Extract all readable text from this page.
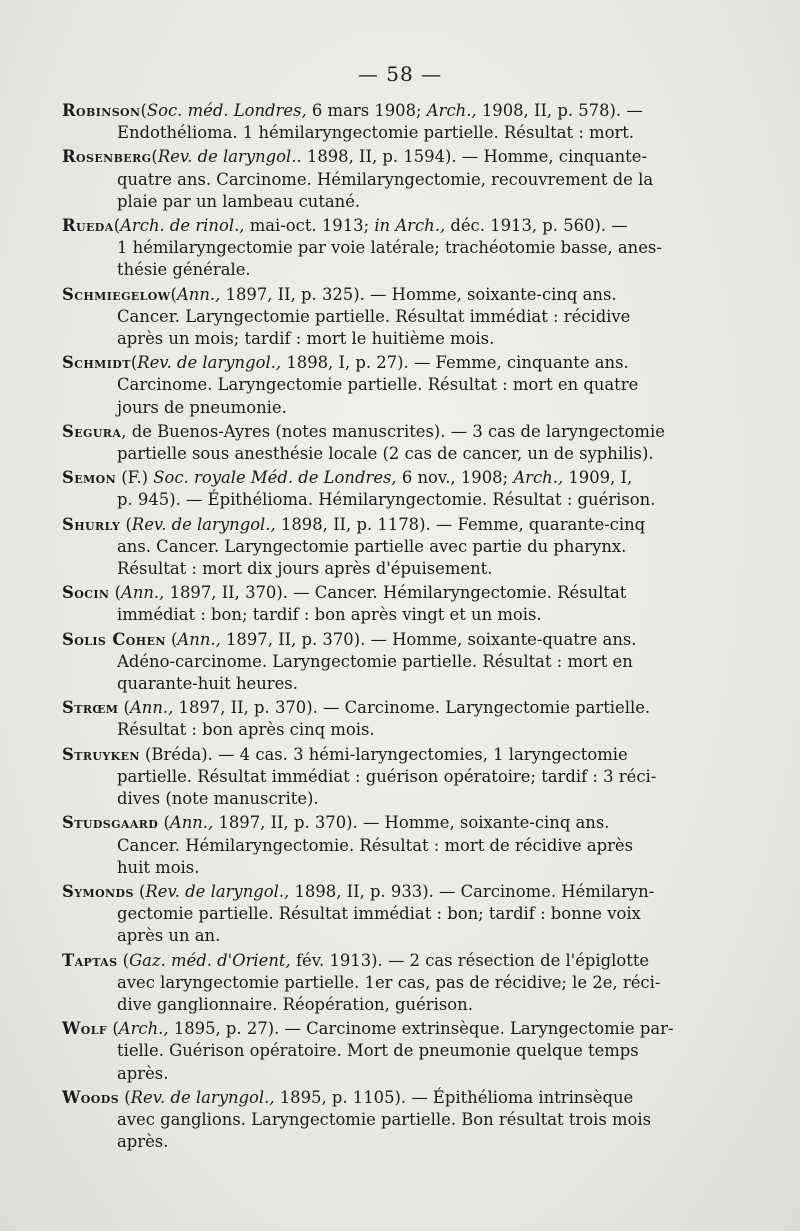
— 58 —
Robinson(Soc. méd. Londres, 6 mars 1908; Arch., 1908, II, p. 578). —
Endothélioma. 1 hémilaryngectomie partielle. Résultat : mort.
Rosenberg(Rev. de laryngol.. 1898, II, p. 1594). — Homme, cinquante-
quatre ans. Carcinome. Hémilaryngectomie, recouvrement de la
plaie par un lambeau cutané.
Rueda(Arch. de rinol., mai-oct. 1913; in Arch., déc. 1913, p. 560). —
1 hémilaryngectomie par voie latérale; trachéotomie basse, anes-
thésie générale.
Schmiegelow(Ann., 1897, II, p. 325). — Homme, soixante-cinq ans.
Cancer. Laryngectomie partielle. Résultat immédiat : récidive
après un mois; tardif : mort le huitième mois.
Schmidt(Rev. de laryngol., 1898, I, p. 27). — Femme, cinquante ans.
Carcinome. Laryngectomie partielle. Résultat : mort en quatre
jours de pneumonie.
Segura, de Buenos-Ayres (notes manuscrites). — 3 cas de laryngectomie
partielle sous anesthésie locale (2 cas de cancer, un de syphilis).
Semon (F.) Soc. royale Méd. de Londres, 6 nov., 1908; Arch., 1909, I,
p. 945). — Épithélioma. Hémilaryngectomie. Résultat : guérison.
Shurly (Rev. de laryngol., 1898, II, p. 1178). — Femme, quarante-cinq
ans. Cancer. Laryngectomie partielle avec partie du pharynx.
Résultat : mort dix jours après d'épuisement.
Socin (Ann., 1897, II, 370). — Cancer. Hémilaryngectomie. Résultat
immédiat : bon; tardif : bon après vingt et un mois.
Solis Cohen (Ann., 1897, II, p. 370). — Homme, soixante-quatre ans.
Adéno-carcinome. Laryngectomie partielle. Résultat : mort en
quarante-huit heures.
Strœm (Ann., 1897, II, p. 370). — Carcinome. Laryngectomie partielle.
Résultat : bon après cinq mois.
Struyken (Bréda). — 4 cas. 3 hémi-laryngectomies, 1 laryngectomie
partielle. Résultat immédiat : guérison opératoire; tardif : 3 réci-
dives (note manuscrite).
Studsgaard (Ann., 1897, II, p. 370). — Homme, soixante-cinq ans.
Cancer. Hémilaryngectomie. Résultat : mort de récidive après
huit mois.
Symonds (Rev. de laryngol., 1898, II, p. 933). — Carcinome. Hémilaryn-
gectomie partielle. Résultat immédiat : bon; tardif : bonne voix
après un an.
Taptas (Gaz. méd. d'Orient, fév. 1913). — 2 cas résection de l'épiglotte
avec laryngectomie partielle. 1er cas, pas de récidive; le 2e, réci-
dive ganglionnaire. Réopération, guérison.
Wolf (Arch., 1895, p. 27). — Carcinome extrinsèque. Laryngectomie par-
tielle. Guérison opératoire. Mort de pneumonie quelque temps
après.
Woods (Rev. de laryngol., 1895, p. 1105). — Épithélioma intrinsèque
avec ganglions. Laryngectomie partielle. Bon résultat trois mois
après.
